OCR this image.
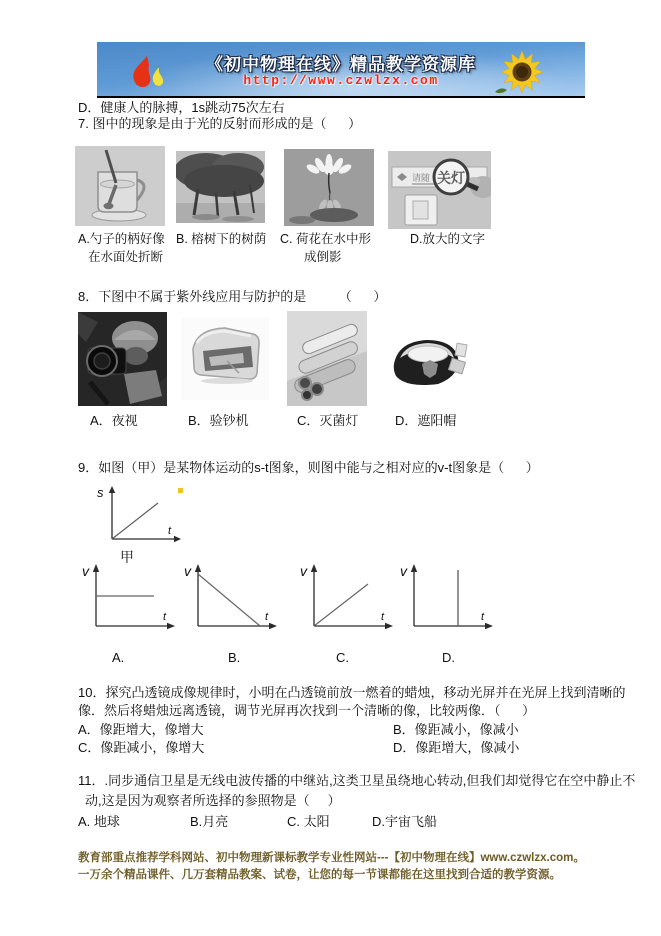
《初中物理在线》精品教学资源库
http://www.czwlzx.com
D．健康人的脉搏，1s跳动75次左右
7. 图中的现象是由于光的反射而形成的是（      ）
请随 关灯
A.勺子的柄好像
在水面处折断
B. 榕树下的树荫 C. 荷花在水中形
成倒影
D.放大的文字
8．下图中不属于紫外线应用与防护的是　　　（      ）
A．夜视	B．验钞机	C．灭菌灯	D．遮阳帽
9．如图（甲）是某物体运动的s-t图象，则图中能与之相对应的v-t图象是（      ）
s
t
甲
v
t
v
t
v
t
v
t
A.	B.	C.	D.
10．探究凸透镜成像规律时，小明在凸透镜前放一燃着的蜡烛，移动光屏并在光屏上找到清晰的
像．然后将蜡烛远离透镜，调节光屏再次找到一个清晰的像，比较两像．（      ）
A．像距增大，像增大	B．像距减小，像减小
C．像距减小，像增大	D．像距增大，像减小
11．.同步通信卫星是无线电波传播的中继站,这类卫星虽绕地心转动,但我们却觉得它在空中静止不
动,这是因为观察者所选择的参照物是（     ）
A. 地球	B.月亮	C. 太阳	D.宇宙飞船
教育部重点推荐学科网站、初中物理新课标教学专业性网站---【初中物理在线】www.czwlzx.com。一万余个精品课件、几万套精品教案、试卷，让您的每一节课都能在这里找到合适的教学资源。
